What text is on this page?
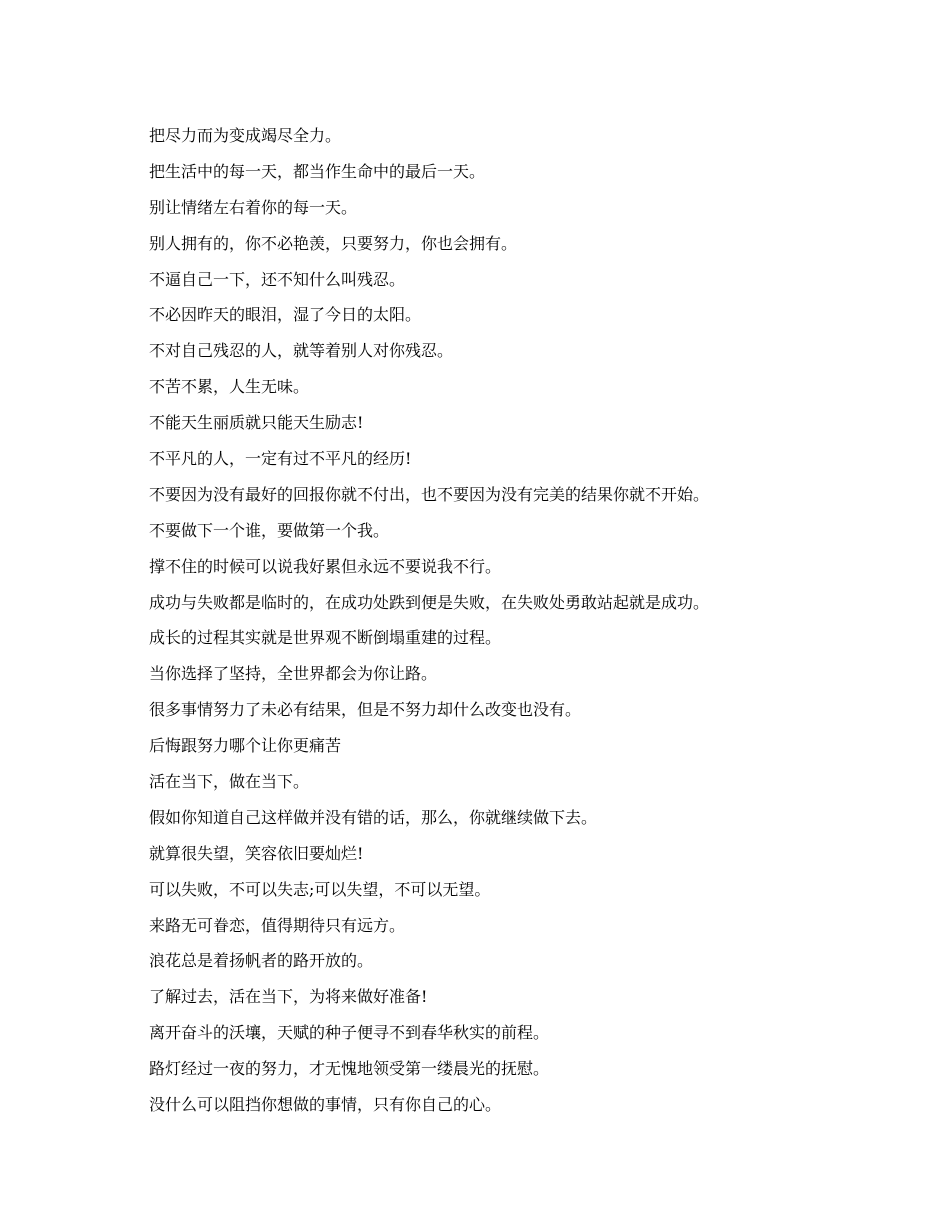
把尽力而为变成竭尽全力。
把生活中的每一天，都当作生命中的最后一天。
别让情绪左右着你的每一天。
别人拥有的，你不必艳羡，只要努力，你也会拥有。
不逼自己一下，还不知什么叫残忍。
不必因昨天的眼泪，湿了今日的太阳。
不对自己残忍的人，就等着别人对你残忍。
不苦不累，人生无味。
不能天生丽质就只能天生励志!
不平凡的人，一定有过不平凡的经历!
不要因为没有最好的回报你就不付出，也不要因为没有完美的结果你就不开始。
不要做下一个谁，要做第一个我。
撑不住的时候可以说我好累但永远不要说我不行。
成功与失败都是临时的，在成功处跌到便是失败，在失败处勇敢站起就是成功。
成长的过程其实就是世界观不断倒塌重建的过程。
当你选择了坚持，全世界都会为你让路。
很多事情努力了未必有结果，但是不努力却什么改变也没有。
后悔跟努力哪个让你更痛苦
活在当下，做在当下。
假如你知道自己这样做并没有错的话，那么，你就继续做下去。
就算很失望，笑容依旧要灿烂!
可以失败，不可以失志;可以失望，不可以无望。
来路无可眷恋，值得期待只有远方。
浪花总是着扬帆者的路开放的。
了解过去，活在当下，为将来做好准备!
离开奋斗的沃壤，天赋的种子便寻不到春华秋实的前程。
路灯经过一夜的努力，才无愧地领受第一缕晨光的抚慰。
没什么可以阻挡你想做的事情，只有你自己的心。
